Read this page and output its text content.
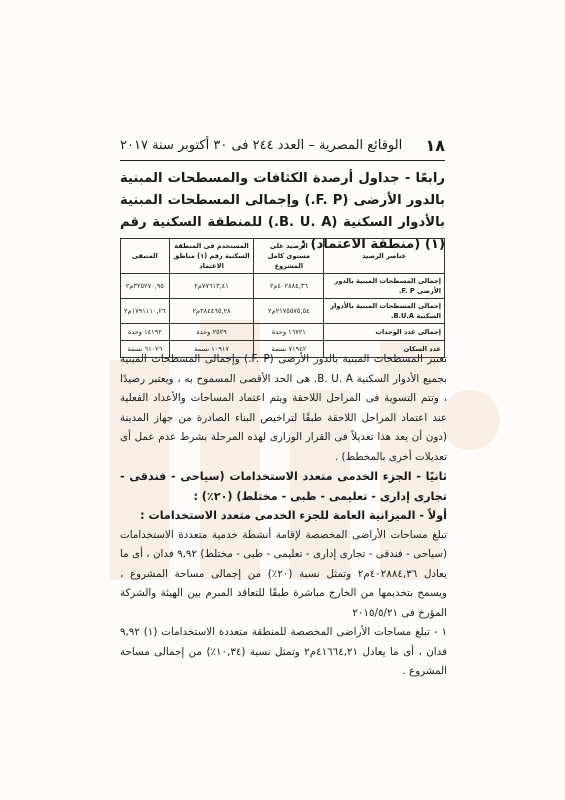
١٨
الوقائع المصرية – العدد ٢٤٤ فى ٣٠ أكتوبر سنة ٢٠١٧
رابعًا - جداول أرصدة الكثافات والمسطحات المبنية بالدور الأرضى (F. P.) وإجمالى المسطحات المبنية بالأدوار السكنية (B. U. A.) للمنطقة السكنية رقم (١) (منطقة الاعتماد) :
عناصر الرصيد	الرصيد على مستوى كامل المشروع	المستخدم فى المنطقة السكنية رقم (١) مناطق الاعتماد	المتبقى
إجمالى المسطحات المبنية بالدور الأرضى F. P.	٤٠٢٨٨٤,٣٦م٢	٧٧٦١٣,٤١م٢	٣٢٥٢٧٠,٩٥م٢
إجمالى المسطحات المبنية بالأدوار السكنية B.U.A.	٢١٧٥٥٧٥,٥٤م٢	٣٨٤٤٦٥,٢٨م٢	١٧٩١١١٠,٢٦م٢
إجمالى عدد الوحدات	١٦٧٢١ وحدة	٢٥٢٩ وحدة	١٤١٩٢ وحدة
عدد السكان	٧١٩٤٢ نسمة	١٠٩١٧ نسمة	٦١٠٢٦ نسمة

تعتبر المسطحات المبنية بالدور الأرضى (F. P.) وإجمالى المسطحات المبنية بجميع الأدوار السكنية B. U. A. هى الحد الأقصى المسموح به ، ويعتبر رصيدًا ، وتتم التسوية فى المراحل اللاحقة ويتم اعتماد المساحات والأعداد الفعلية عند اعتماد المراحل اللاحقة طبقًا لتراخيص البناء الصادرة من جهاز المدينة (دون أن يعد هذا تعديلاً فى القرار الوزارى لهذه المرحلة بشرط عدم عمل أى تعديلات أخرى بالمخطط) .

ثانيًا - الجزء الخدمى متعدد الاستخدامات (سياحى - فندقى - تجارى إدارى - تعليمى - طبى - مختلط) (٢٠٪) :

أولاً - الميزانية العامة للجزء الخدمى متعدد الاستخدامات :

تبلغ مساحات الأراضى المخصصة لإقامة أنشطة خدمية متعددة الاستخدامات (سياحى - فندقى - تجارى إدارى - تعليمى - طبى - مختلط) ٩,٩٢ فدان ، أى ما يعادل ٤٠٢٨٨٤,٣٦م٢ وتمثل نسبة (٢٠٪) من إجمالى مساحة المشروع ، ويسمح بتخديمها من الخارج مباشرة طبقًا للتعاقد المبرم بين الهيئة والشركة المؤرخ فى ٢٠١٥/٥/٢١

١ - تبلغ مساحات الأراضى المخصصة للمنطقة متعددة الاستخدامات (١) ٩,٩٢ فدان ، أى ما يعادل ٤١٦٦٤,٢١م٢ وتمثل نسبة (١٠,٣٤٪) من إجمالى مساحة المشروع .
